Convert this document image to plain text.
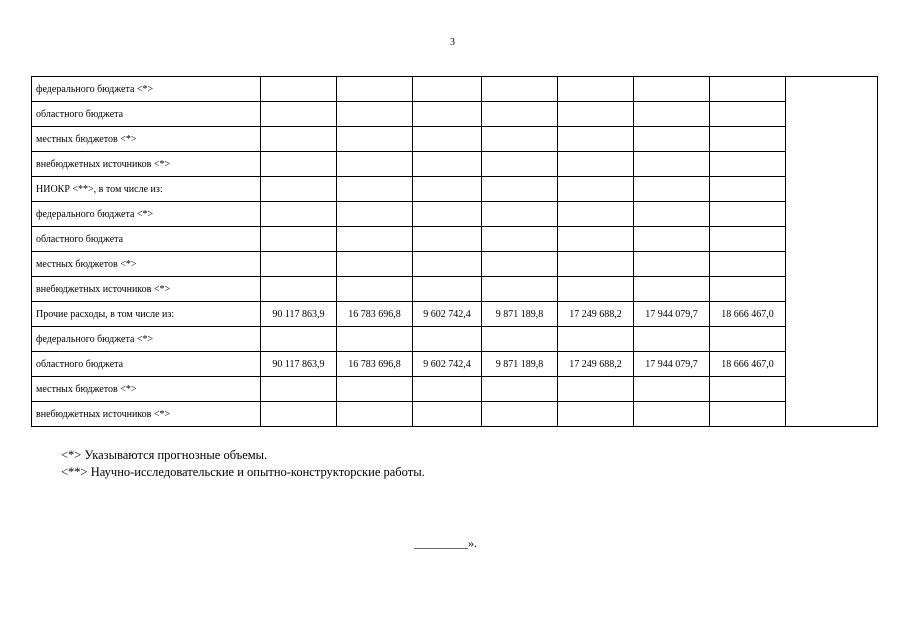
3
федерального бюджета <*>								
областного бюджета								
местных бюджетов <*>								
внебюджетных источников <*>								
НИОКР <**>, в том числе из:								
федерального бюджета <*>								
областного бюджета								
местных бюджетов <*>								
внебюджетных источников <*>								
Прочие расходы, в том числе из:	90 117 863,9	16 783 696,8	9 602 742,4	9 871 189,8	17 249 688,2	17 944 079,7	18 666 467,0	
федерального бюджета <*>								
областного бюджета	90 117 863,9	16 783 696,8	9 602 742,4	9 871 189,8	17 249 688,2	17 944 079,7	18 666 467,0	
местных бюджетов <*>								
внебюджетных источников <*>								
<*> Указываются прогнозные объемы.
<**> Научно-исследовательские и опытно-конструкторские работы.
_________».
